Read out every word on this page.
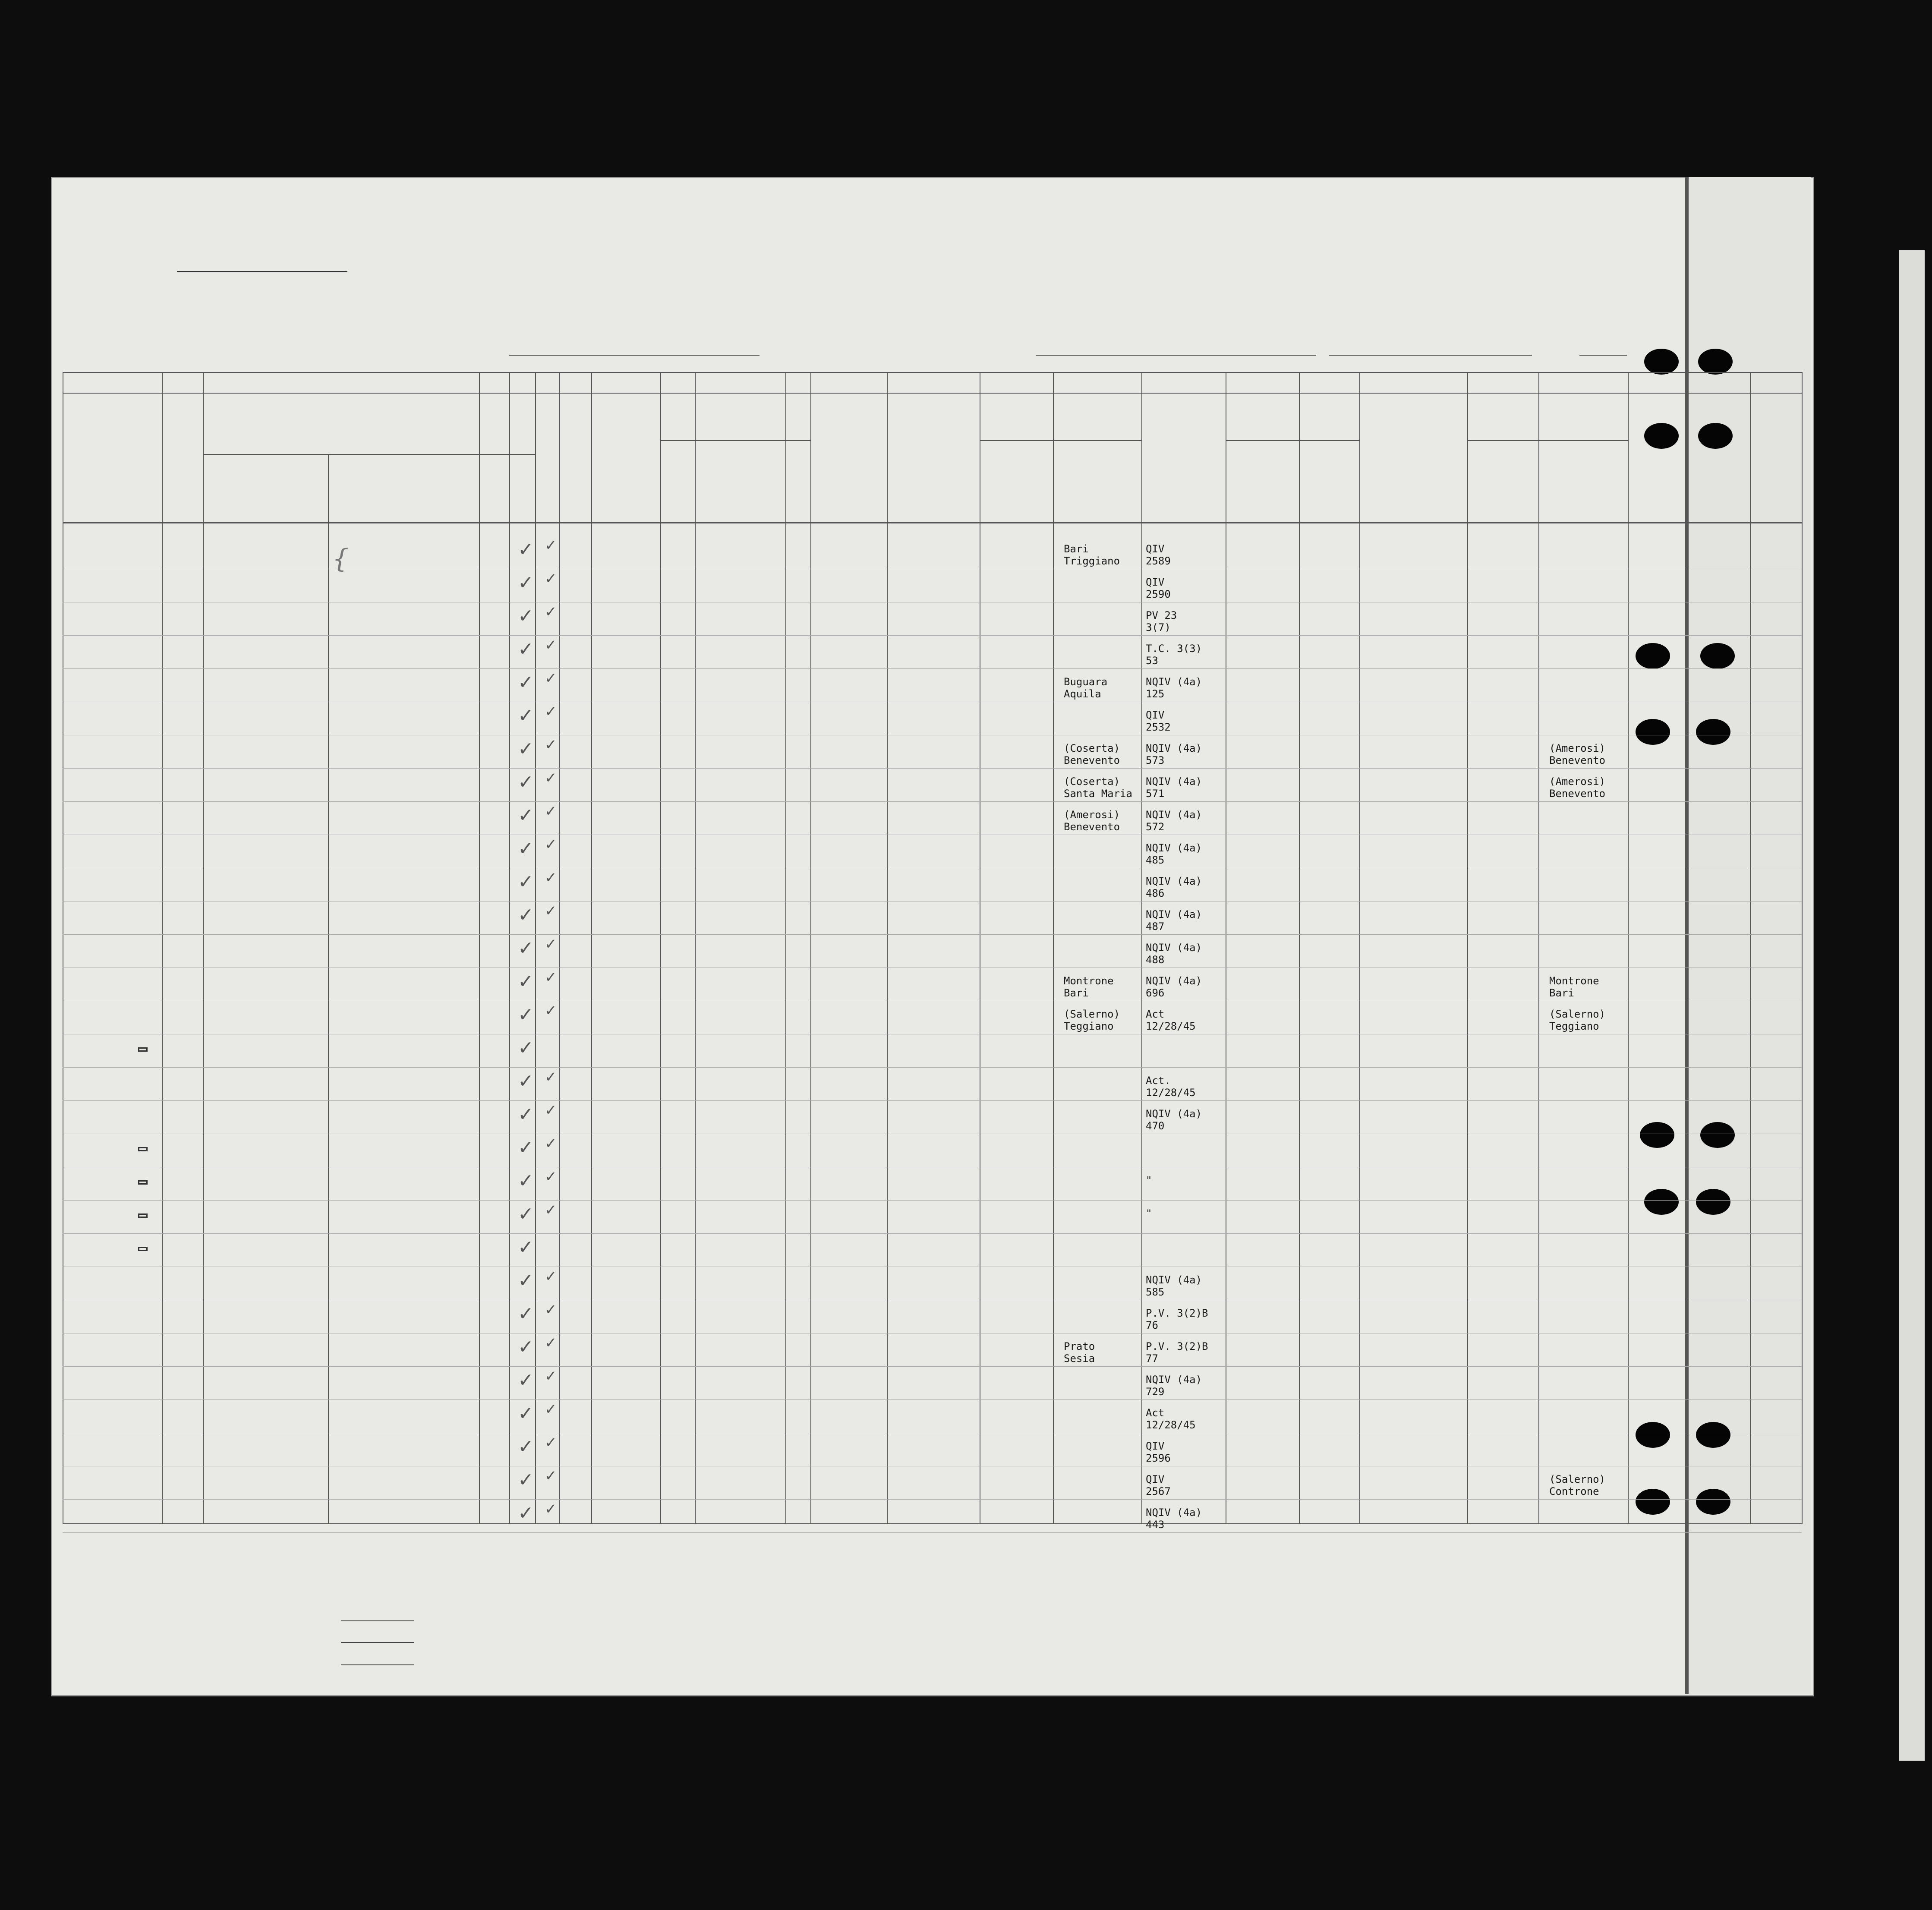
Bari
Triggiano
QIV
2589
✓ ✓
QIV
2590
✓ ✓
PV 23
3(7)
✓ ✓
T.C. 3(3)
53
✓ ✓
Buguara
Aquila
NQIV (4a)
125
✓ ✓
QIV
2532
✓ ✓
(Coserta)
Benevento
NQIV (4a)
573
(Amerosi)
Benevento
✓ ✓
(Coserta)
Santa Maria
NQIV (4a)
571
(Amerosi)
Benevento
✓ ✓
(Amerosi)
Benevento
NQIV (4a)
572
✓ ✓
NQIV (4a)
485
✓ ✓
NQIV (4a)
486
✓ ✓
NQIV (4a)
487
✓ ✓
NQIV (4a)
488
✓ ✓
Montrone
Bari
NQIV (4a)
696
Montrone
Bari
✓ ✓
(Salerno)
Teggiano
Act
12/28/45
(Salerno)
Teggiano
✓ ✓
✓
Act.
12/28/45
✓ ✓
NQIV (4a)
470
✓ ✓
✓ ✓
"
✓ ✓
"
✓ ✓
✓
NQIV (4a)
585
✓ ✓
P.V. 3(2)B
76
✓ ✓
Prato
Sesia
P.V. 3(2)B
77
✓ ✓
NQIV (4a)
729
✓ ✓
Act
12/28/45
✓ ✓
QIV
2596
✓ ✓
QIV
2567
(Salerno)
Controne
✓ ✓
NQIV (4a)
443
✓ ✓
{
